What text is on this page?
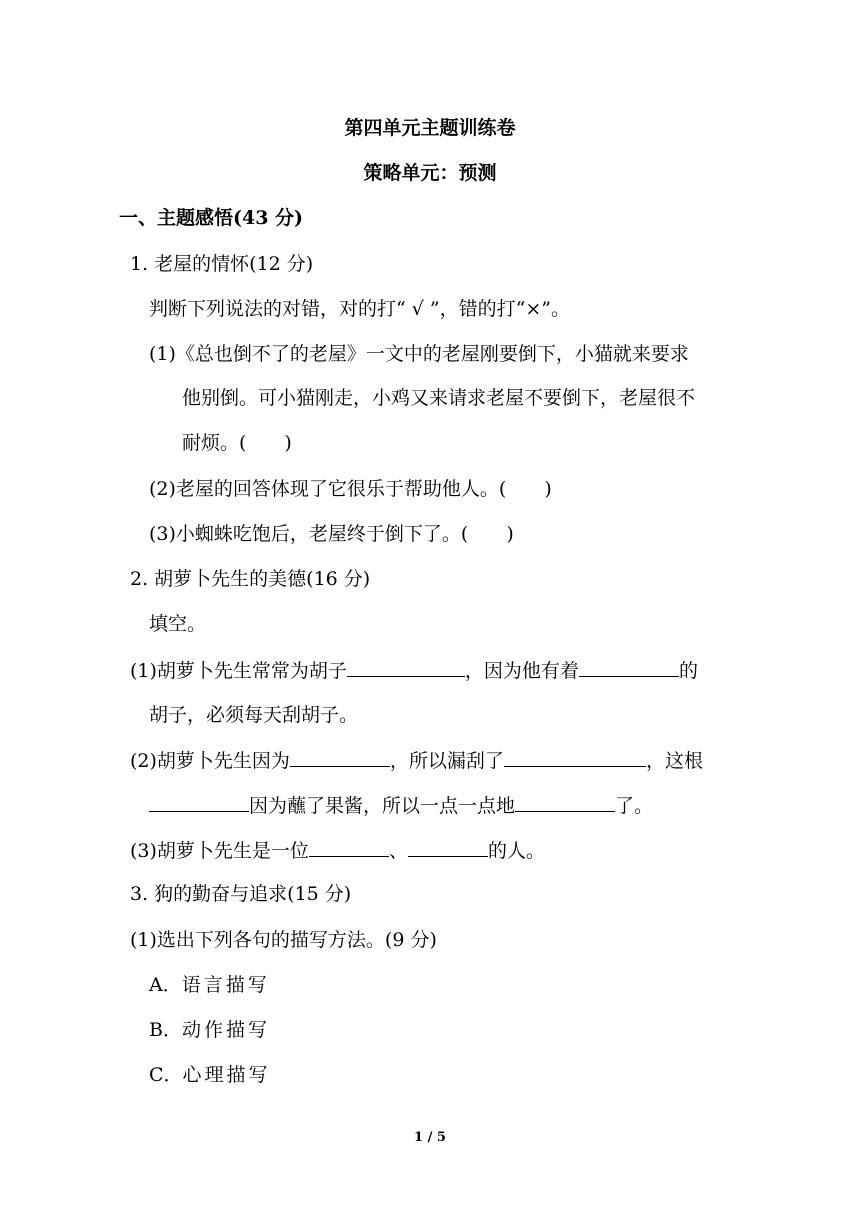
第四单元主题训练卷
策略单元：预测
一、主题感悟(43 分)
1. 老屋的情怀(12 分)
判断下列说法的对错，对的打“ √ ”，错的打“×”。
(1)《总也倒不了的老屋》一文中的老屋刚要倒下，小猫就来要求
他别倒。可小猫刚走，小鸡又来请求老屋不要倒下，老屋很不
耐烦。(　　)
(2)老屋的回答体现了它很乐于帮助他人。(　　)
(3)小蜘蛛吃饱后，老屋终于倒下了。(　　)
2. 胡萝卜先生的美德(16 分)
填空。
(1)胡萝卜先生常常为胡子	，因为他有着	的
胡子，必须每天刮胡子。
(2)胡萝卜先生因为	，所以漏刮了	，这根
因为蘸了果酱，所以一点一点地	了。
(3)胡萝卜先生是一位	、	的人。
3. 狗的勤奋与追求(15 分)
(1)选出下列各句的描写方法。(9 分)
A．语言描写
B．动作描写
C．心理描写
1 / 5
